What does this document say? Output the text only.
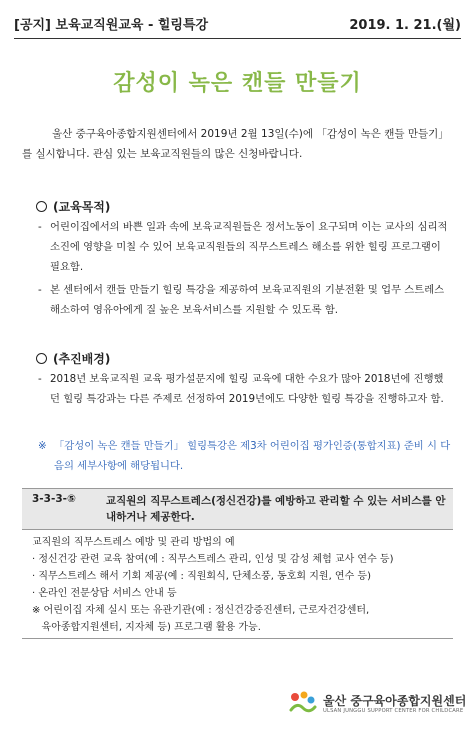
[공지] 보육교직원교육 - 힐링특강	2019. 1. 21.(월)
감성이 녹은 캔들 만들기
울산 중구육아종합지원센터에서 2019년 2월 13일(수)에 「감성이 녹은 캔들 만들기」를 실시합니다. 관심 있는 보육교직원들의 많은 신청바랍니다.
(교육목적)
- 어린이집에서의 바쁜 일과 속에 보육교직원들은 정서노동이 요구되며 이는 교사의 심리적 소진에 영향을 미칠 수 있어 보육교직원들의 직무스트레스 해소를 위한 힐링 프로그램이 필요함.
- 본 센터에서 캔들 만들기 힐링 특강을 제공하여 보육교직원의 기분전환 및 업무 스트레스 해소하여 영유아에게 질 높은 보육서비스를 지원할 수 있도록 함.
(추진배경)
- 2018년 보육교직원 교육 평가설문지에 힐링 교육에 대한 수요가 많아 2018년에 진행했던 힐링 특강과는 다른 주제로 선정하여 2019년에도 다양한 힐링 특강을 진행하고자 함.
※ 「감성이 녹은 캔들 만들기」 힐링특강은 제3차 어린이집 평가인증(통합지표) 준비 시 다음의 세부사항에 해당됩니다.
3-3-3-⑤	교직원의 직무스트레스(정신건강)를 예방하고 관리할 수 있는 서비스를 안내하거나 제공한다.
교직원의 직무스트레스 예방 및 관리 방법의 예
· 정신건강 관련 교육 참여(예 : 직무스트레스 관리, 인성 및 감성 체험 교사 연수 등)
· 직무스트레스 해서 기회 제공(예 : 직원회식, 단체소풍, 동호회 지원, 연수 등)
· 온라인 전문상담 서비스 안내 등
※ 어린이집 자체 실시 또는 유관기관(예 : 정신건강증진센터, 근로자건강센터,
육아종합지원센터, 지자체 등) 프로그램 활용 가능.
울산 중구육아종합지원센터
ULSAN JUNGGU SUPPORT CENTER FOR CHILDCARE
